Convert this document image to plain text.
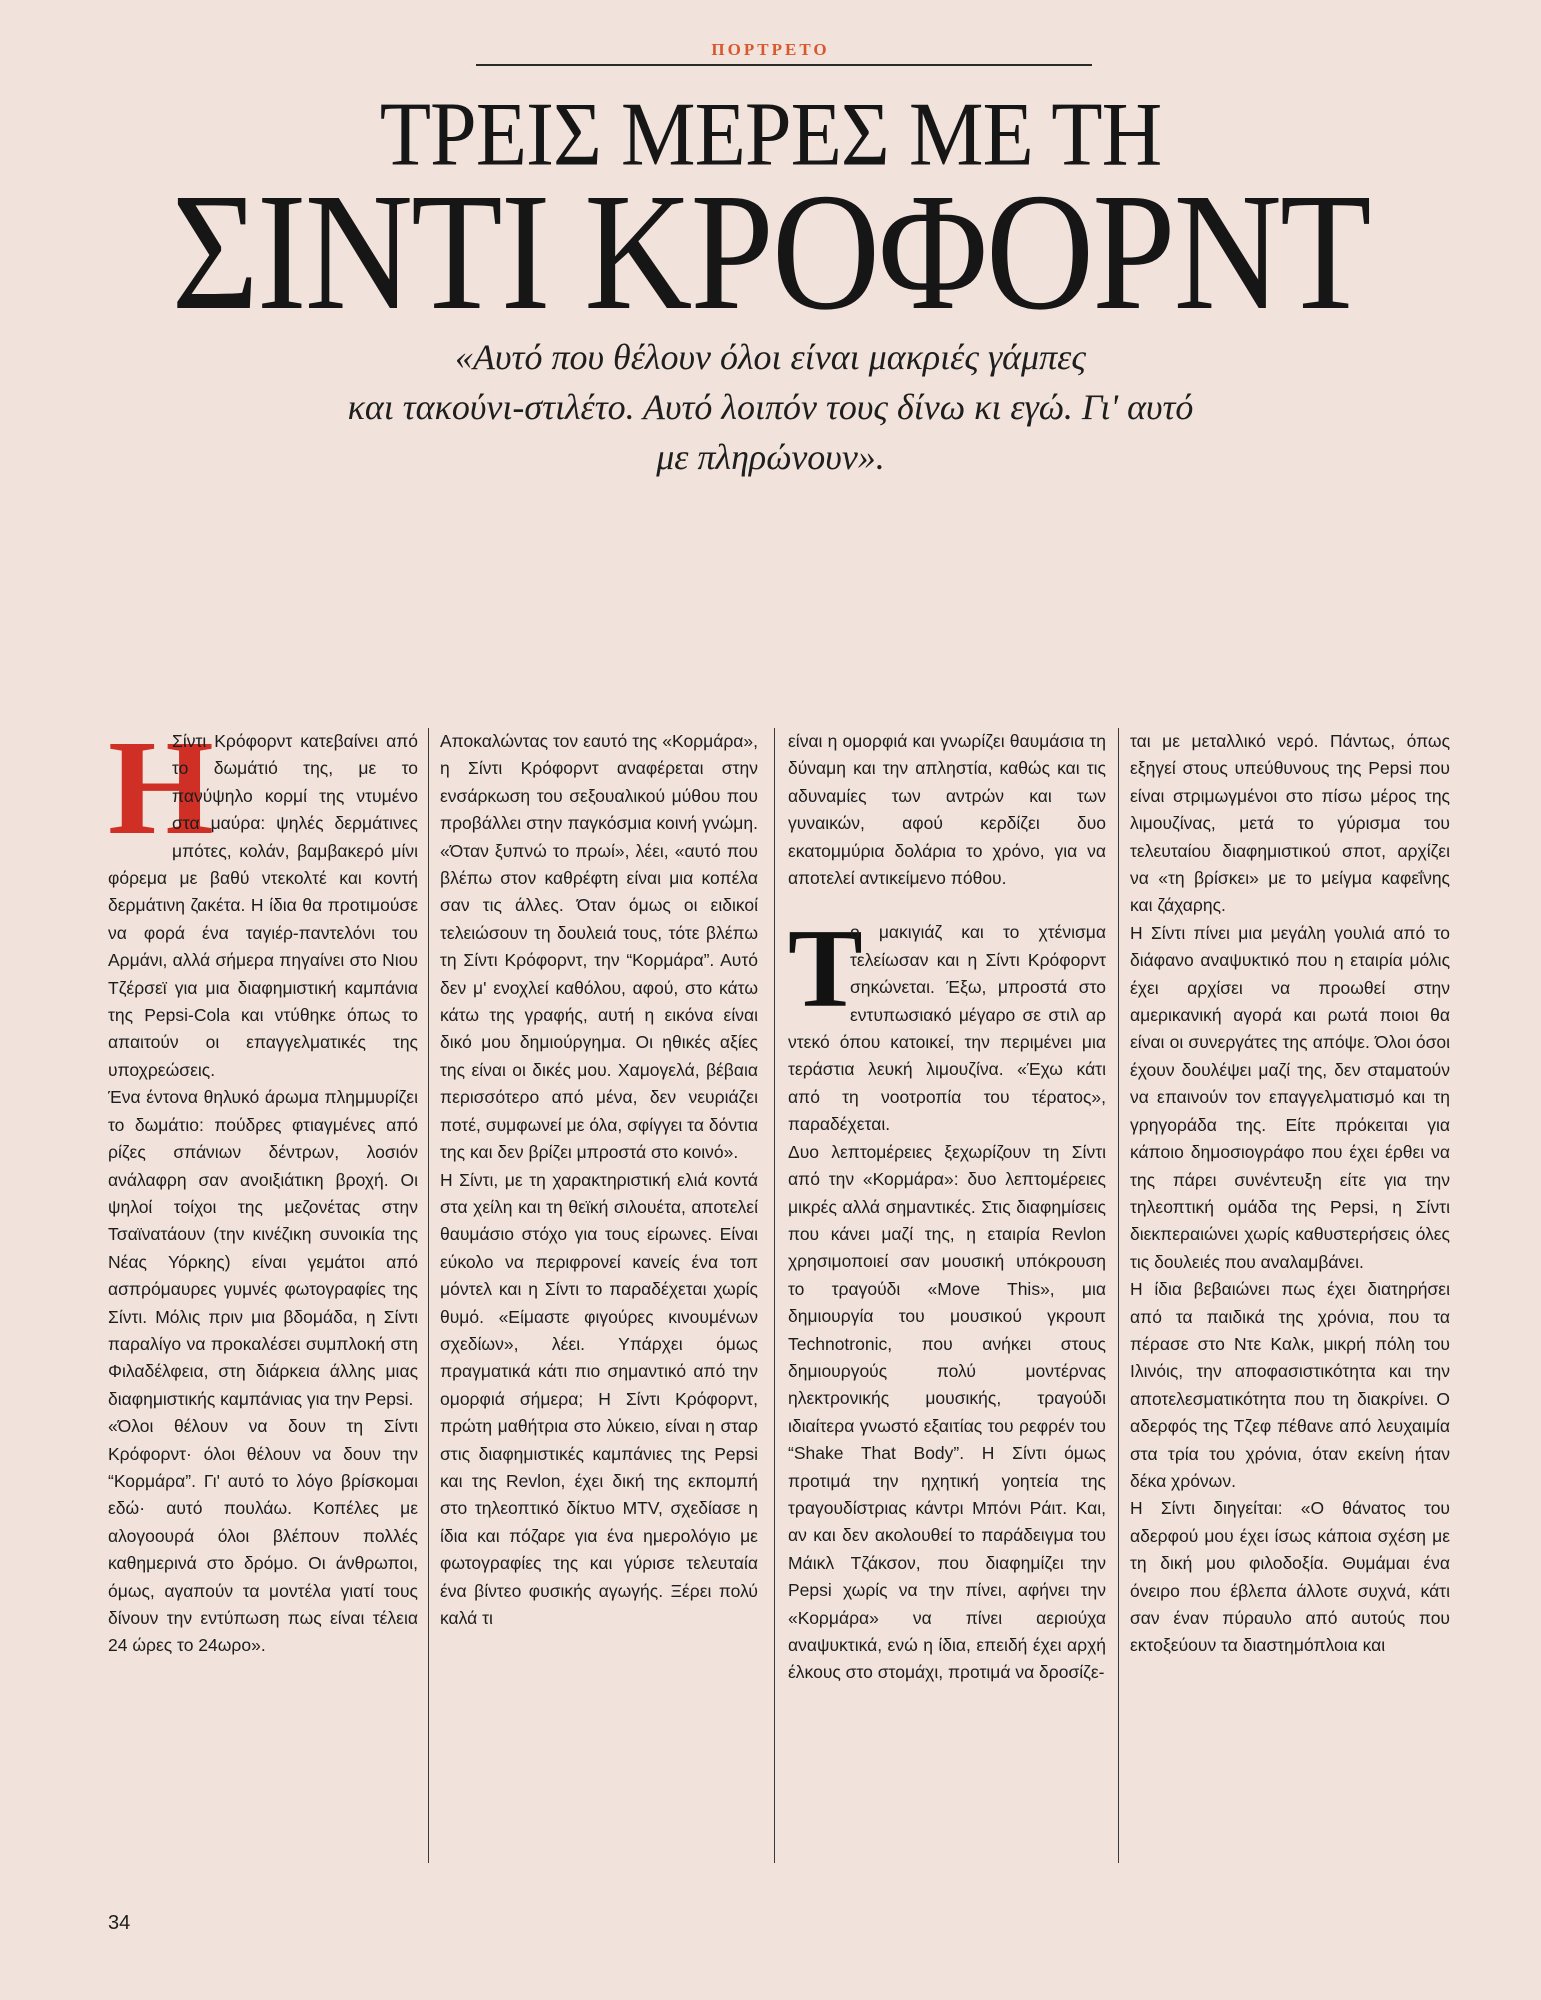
ΠΟΡΤΡΕΤΟ
ΤΡΕΙΣ ΜΕΡΕΣ ΜΕ ΤΗ
ΣΙΝΤΙ ΚΡΟΦΟΡΝΤ
«Αυτό που θέλουν όλοι είναι μακριές γάμπες
και τακούνι-στιλέτο. Αυτό λοιπόν τους δίνω κι εγώ. Γι' αυτό
με πληρώνουν».
Η

Σίντι Κρόφορντ κατεβαίνει από το δωμάτιό της, με το πανύψηλο κορμί της ντυμένο στα μαύρα: ψηλές δερμάτινες μπότες, κολάν, βαμβακερό μίνι φόρεμα με βαθύ ντεκολτέ και κοντή δερμάτινη ζακέτα. Η ίδια θα προτιμούσε να φορά ένα ταγιέρ-παντελόνι του Αρμάνι, αλλά σήμερα πηγαίνει στο Νιου Τζέρσεϊ για μια διαφημιστική καμπάνια της Pepsi-Cola και ντύθηκε όπως το απαιτούν οι επαγγελματικές της υποχρεώσεις.

Ένα έντονα θηλυκό άρωμα πλημμυρίζει το δωμάτιο: πούδρες φτιαγμένες από ρίζες σπάνιων δέντρων, λοσιόν ανάλαφρη σαν ανοιξιάτικη βροχή. Οι ψηλοί τοίχοι της μεζονέτας στην Τσαϊνατάουν (την κινέζικη συνοικία της Νέας Υόρκης) είναι γεμάτοι από ασπρόμαυρες γυμνές φωτογραφίες της Σίντι. Μόλις πριν μια βδομάδα, η Σίντι παραλίγο να προκαλέσει συμπλοκή στη Φιλαδέλφεια, στη διάρκεια άλλης μιας διαφημιστικής καμπάνιας για την Pepsi.

«Όλοι θέλουν να δουν τη Σίντι Κρόφορντ· όλοι θέλουν να δουν την “Κορμάρα”. Γι' αυτό το λόγο βρίσκομαι εδώ· αυτό πουλάω. Κοπέλες με αλογοουρά όλοι βλέπουν πολλές καθημερινά στο δρόμο. Οι άνθρωποι, όμως, αγαπούν τα μοντέλα γιατί τους δίνουν την εντύπωση πως είναι τέλεια 24 ώρες το 24ωρο».

Αποκαλώντας τον εαυτό της «Κορμάρα», η Σίντι Κρόφορντ αναφέρεται στην ενσάρκωση του σεξουαλικού μύθου που προβάλλει στην παγκόσμια κοινή γνώμη. «Όταν ξυπνώ το πρωί», λέει, «αυτό που βλέπω στον καθρέφτη είναι μια κοπέλα σαν τις άλλες. Όταν όμως οι ειδικοί τελειώσουν τη δουλειά τους, τότε βλέπω τη Σίντι Κρόφορντ, την “Κορμάρα”. Αυτό δεν μ' ενοχλεί καθόλου, αφού, στο κάτω κάτω της γραφής, αυτή η εικόνα είναι δικό μου δημιούργημα. Οι ηθικές αξίες της είναι οι δικές μου. Χαμογελά, βέβαια περισσότερο από μένα, δεν νευριάζει ποτέ, συμφωνεί με όλα, σφίγγει τα δόντια της και δεν βρίζει μπροστά στο κοινό».

Η Σίντι, με τη χαρακτηριστική ελιά κοντά στα χείλη και τη θεϊκή σιλουέτα, αποτελεί θαυμάσιο στόχο για τους είρωνες. Είναι εύκολο να περιφρονεί κανείς ένα τοπ μόντελ και η Σίντι το παραδέχεται χωρίς θυμό. «Είμαστε φιγούρες κινουμένων σχεδίων», λέει. Υπάρχει όμως πραγματικά κάτι πιο σημαντικό από την ομορφιά σήμερα; Η Σίντι Κρόφορντ, πρώτη μαθήτρια στο λύκειο, είναι η σταρ στις διαφημιστικές καμπάνιες της Pepsi και της Revlon, έχει δική της εκπομπή στο τηλεοπτικό δίκτυο MTV, σχεδίασε η ίδια και πόζαρε για ένα ημερολόγιο με φωτογραφίες της και γύρισε τελευταία ένα βίντεο φυσικής αγωγής. Ξέρει πολύ καλά τι

είναι η ομορφιά και γνωρίζει θαυμάσια τη δύναμη και την απληστία, καθώς και τις αδυναμίες των αντρών και των γυναικών, αφού κερδίζει δυο εκατομμύρια δολάρια το χρόνο, για να αποτελεί αντικείμενο πόθου.

Τ

ο μακιγιάζ και το χτένισμα τελείωσαν και η Σίντι Κρόφορντ σηκώνεται. Έξω, μπροστά στο εντυπωσιακό μέγαρο σε στιλ αρ ντεκό όπου κατοικεί, την περιμένει μια τεράστια λευκή λιμουζίνα. «Έχω κάτι από τη νοοτροπία του τέρατος», παραδέχεται.

Δυο λεπτομέρειες ξεχωρίζουν τη Σίντι από την «Κορμάρα»: δυο λεπτομέρειες μικρές αλλά σημαντικές. Στις διαφημίσεις που κάνει μαζί της, η εταιρία Revlon χρησιμοποιεί σαν μουσική υπόκρουση το τραγούδι «Move This», μια δημιουργία του μουσικού γκρουπ Technotronic, που ανήκει στους δημιουργούς πολύ μοντέρνας ηλεκτρονικής μουσικής, τραγούδι ιδιαίτερα γνωστό εξαιτίας του ρεφρέν του “Shake That Body”. Η Σίντι όμως προτιμά την ηχητική γοητεία της τραγουδίστριας κάντρι Μπόνι Ράιτ. Και, αν και δεν ακολουθεί το παράδειγμα του Μάικλ Τζάκσον, που διαφημίζει την Pepsi χωρίς να την πίνει, αφήνει την «Κορμάρα» να πίνει αεριούχα αναψυκτικά, ενώ η ίδια, επειδή έχει αρχή έλκους στο στομάχι, προτιμά να δροσίζε-

ται με μεταλλικό νερό. Πάντως, όπως εξηγεί στους υπεύθυνους της Pepsi που είναι στριμωγμένοι στο πίσω μέρος της λιμουζίνας, μετά το γύρισμα του τελευταίου διαφημιστικού σποτ, αρχίζει να «τη βρίσκει» με το μείγμα καφεΐνης και ζάχαρης.

Η Σίντι πίνει μια μεγάλη γουλιά από το διάφανο αναψυκτικό που η εταιρία μόλις έχει αρχίσει να προωθεί στην αμερικανική αγορά και ρωτά ποιοι θα είναι οι συνεργάτες της απόψε. Όλοι όσοι έχουν δουλέψει μαζί της, δεν σταματούν να επαινούν τον επαγγελματισμό και τη γρηγοράδα της. Είτε πρόκειται για κάποιο δημοσιογράφο που έχει έρθει να της πάρει συνέντευξη είτε για την τηλεοπτική ομάδα της Pepsi, η Σίντι διεκπεραιώνει χωρίς καθυστερήσεις όλες τις δουλειές που αναλαμβάνει.

Η ίδια βεβαιώνει πως έχει διατηρήσει από τα παιδικά της χρόνια, που τα πέρασε στο Ντε Καλκ, μικρή πόλη του Ιλινόις, την αποφασιστικότητα και την αποτελεσματικότητα που τη διακρίνει. Ο αδερφός της Τζεφ πέθανε από λευχαιμία στα τρία του χρόνια, όταν εκείνη ήταν δέκα χρόνων.

Η Σίντι διηγείται: «Ο θάνατος του αδερφού μου έχει ίσως κάποια σχέση με τη δική μου φιλοδοξία. Θυμάμαι ένα όνειρο που έβλεπα άλλοτε συχνά, κάτι σαν έναν πύραυλο από αυτούς που εκτοξεύουν τα διαστημόπλοια και

34
